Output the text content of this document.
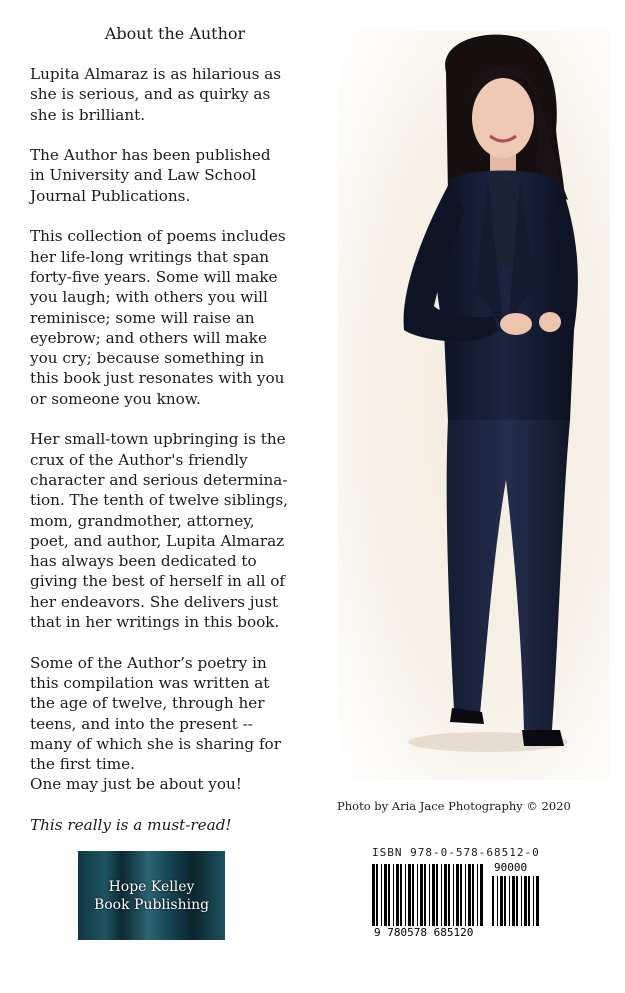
About the Author

Lupita Almaraz is as hilarious as
she is serious, and as quirky as
she is brilliant.

The Author has been published
in University and Law School
Journal Publications.

This collection of poems includes
her life-long writings that span
forty-five years. Some will make
you laugh; with others you will
reminisce; some will raise an
eyebrow; and others will make
you cry; because something in
this book just resonates with you
or someone you know.

Her small-town upbringing is the
crux of the Author's friendly
character and serious determina-
tion. The tenth of twelve siblings,
mom, grandmother, attorney,
poet, and author, Lupita Almaraz
has always been dedicated to
giving the best of herself in all of
her endeavors. She delivers just
that in her writings in this book.

Some of the Author’s poetry in
this compilation was written at
the age of twelve, through her
teens, and into the present --
many of which she is sharing for
the first time.
One may just be about you!

This really is a must-read!
Photo by Aria Jace Photography © 2020
Hope Kelley
Book Publishing
ISBN 978-0-578-68512-0
9 780578 685120
90000
